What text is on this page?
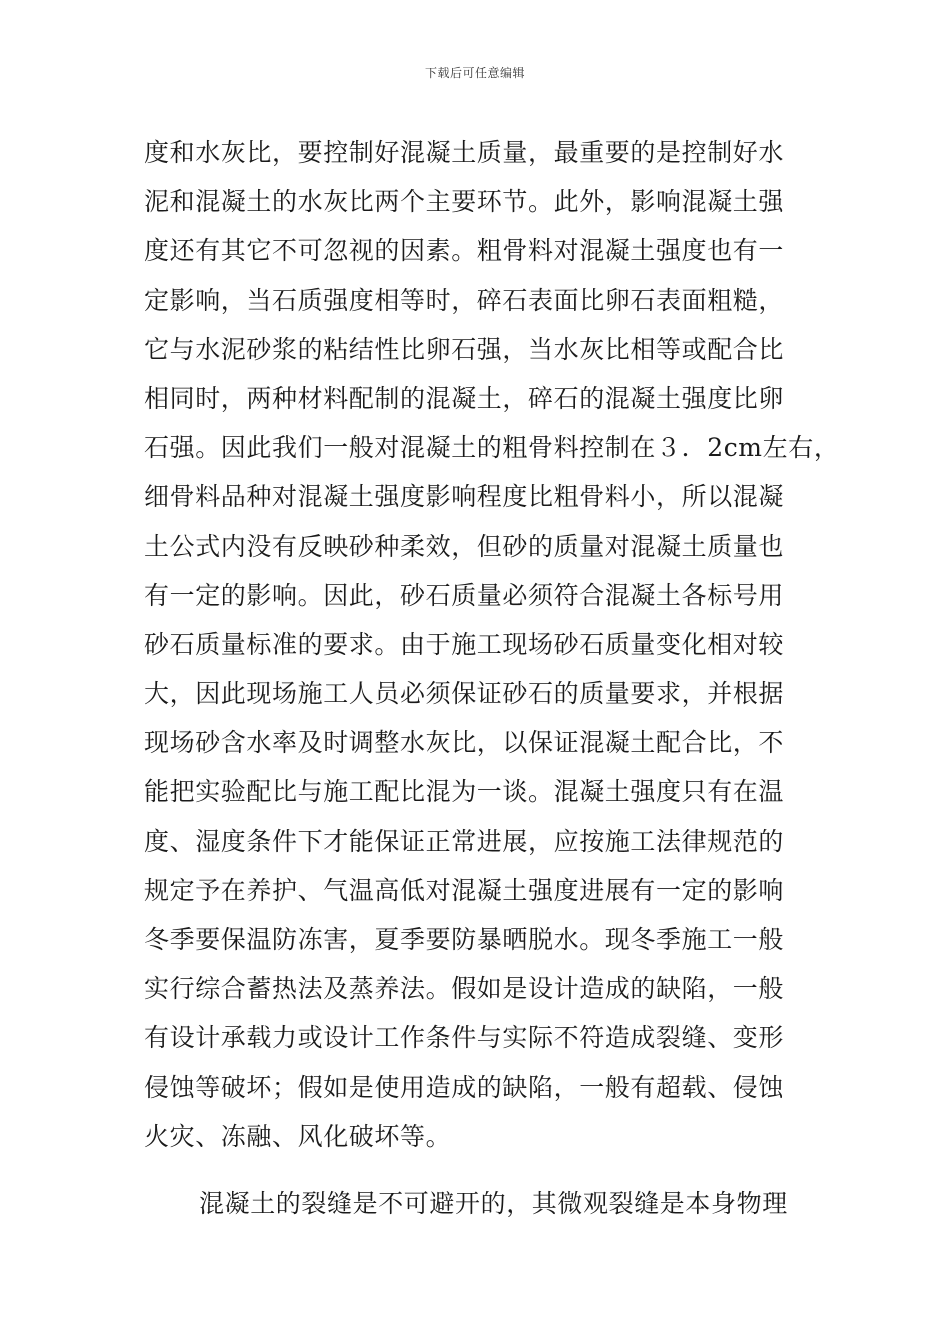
下载后可任意编辑
度和水灰比，要控制好混凝土质量，最重要的是控制好水
泥和混凝土的水灰比两个主要环节。此外，影响混凝土强
度还有其它不可忽视的因素。粗骨料对混凝土强度也有一
定影响，当石质强度相等时，碎石表面比卵石表面粗糙，
它与水泥砂浆的粘结性比卵石强，当水灰比相等或配合比
相同时，两种材料配制的混凝土，碎石的混凝土强度比卵
石强。因此我们一般对混凝土的粗骨料控制在３．2cm左右，
细骨料品种对混凝土强度影响程度比粗骨料小，所以混凝
土公式内没有反映砂种柔效，但砂的质量对混凝土质量也
有一定的影响。因此，砂石质量必须符合混凝土各标号用
砂石质量标准的要求。由于施工现场砂石质量变化相对较
大，因此现场施工人员必须保证砂石的质量要求，并根据
现场砂含水率及时调整水灰比，以保证混凝土配合比，不
能把实验配比与施工配比混为一谈。混凝土强度只有在温
度、湿度条件下才能保证正常进展，应按施工法律规范的
规定予在养护、气温高低对混凝土强度进展有一定的影响
冬季要保温防冻害，夏季要防暴晒脱水。现冬季施工一般
实行综合蓄热法及蒸养法。假如是设计造成的缺陷，一般
有设计承载力或设计工作条件与实际不符造成裂缝、变形
侵蚀等破坏；假如是使用造成的缺陷，一般有超载、侵蚀
火灾、冻融、风化破坏等。
混凝土的裂缝是不可避开的，其微观裂缝是本身物理
